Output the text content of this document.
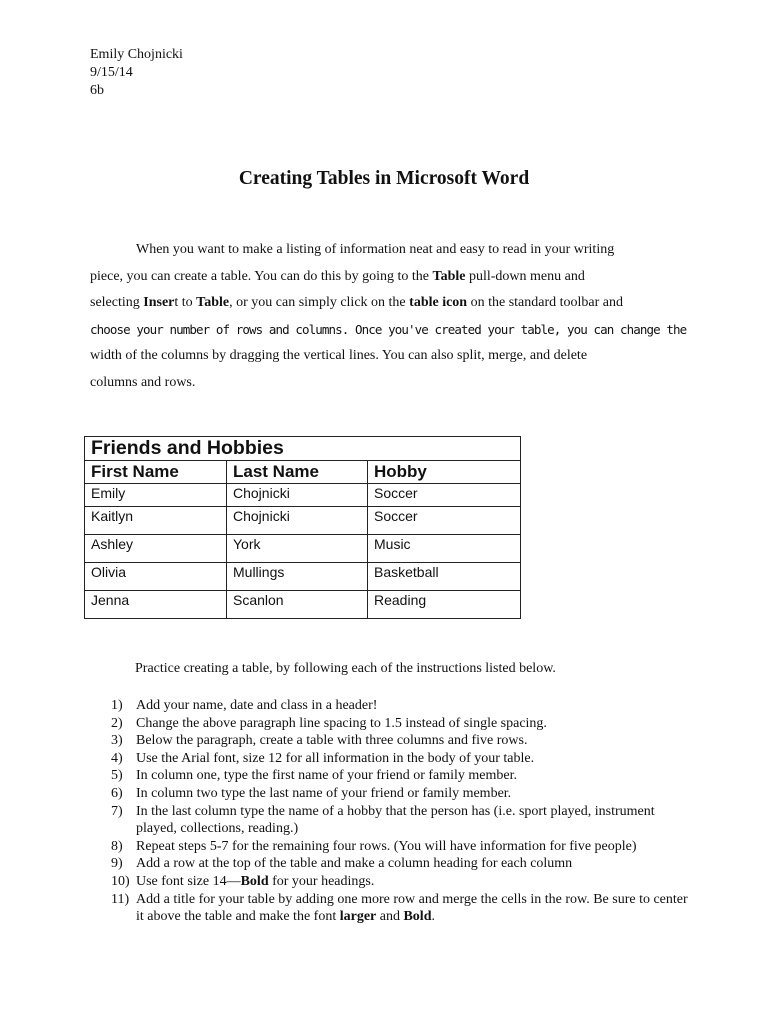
Emily Chojnicki
9/15/14
6b
Creating Tables in Microsoft Word
When you want to make a listing of information neat and easy to read in your writing
piece, you can create a table. You can do this by going to the Table pull-down menu and
selecting Insert to Table, or you can simply click on the table icon on the standard toolbar and
choose your number of rows and columns. Once you've created your table, you can change the
width of the columns by dragging the vertical lines. You can also split, merge, and delete
columns and rows.
Friends and Hobbies		
First Name	Last Name	Hobby
Emily	Chojnicki	Soccer
Kaitlyn	Chojnicki	Soccer
Ashley	York	Music
Olivia	Mullings	Basketball
Jenna	Scanlon	Reading
Practice creating a table, by following each of the instructions listed below.
1) Add your name, date and class in a header!
2) Change the above paragraph line spacing to 1.5 instead of single spacing.
3) Below the paragraph, create a table with three columns and five rows.
4) Use the Arial font, size 12 for all information in the body of your table.
5) In column one, type the first name of your friend or family member.
6) In column two type the last name of your friend or family member.
7) In the last column type the name of a hobby that the person has (i.e. sport played, instrument played, collections, reading.)
8) Repeat steps 5-7 for the remaining four rows. (You will have information for five people)
9) Add a row at the top of the table and make a column heading for each column
10) Use font size 14—Bold for your headings.
11) Add a title for your table by adding one more row and merge the cells in the row. Be sure to center it above the table and make the font larger and Bold.
